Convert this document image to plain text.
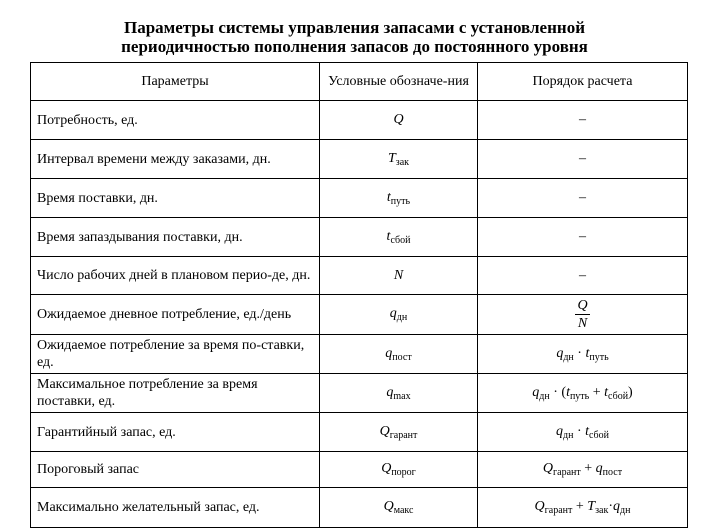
Параметры системы управления запасами с установленной
периодичностью пополнения запасов до постоянного уровня
Параметры	Условные обозначе-ния	Порядок расчета
Потребность, ед.	Q	–
Интервал времени между заказами, дн.	$T_{зак}$	–
Время поставки, дн.	$t_{путь}$	–
Время запаздывания поставки, дн.	$t_{сбой}$	–
Число рабочих дней в плановом перио-де, дн.	N	–
Ожидаемое дневное потребление, ед./день	$q_{дн}$	$\frac{Q}{N}$

Ожидаемое потребление за время по-ставки, ед.	$q_{пост}$	$q_{дн} \cdot t_{путь}$
Максимальное потребление за время поставки, ед.	$q_{max}$	$q_{дн} \cdot (t_{путь} + t_{сбой})$
Гарантийный запас, ед.	$Q_{гарант}$	$q_{дн} \cdot t_{сбой}$
Пороговый запас	$Q_{порог}$	$Q_{гарант} + q_{пост}$
Максимально желательный запас, ед.	$Q_{макс}$	$Q_{гарант} + T_{зак}\cdot q_{дн}$
